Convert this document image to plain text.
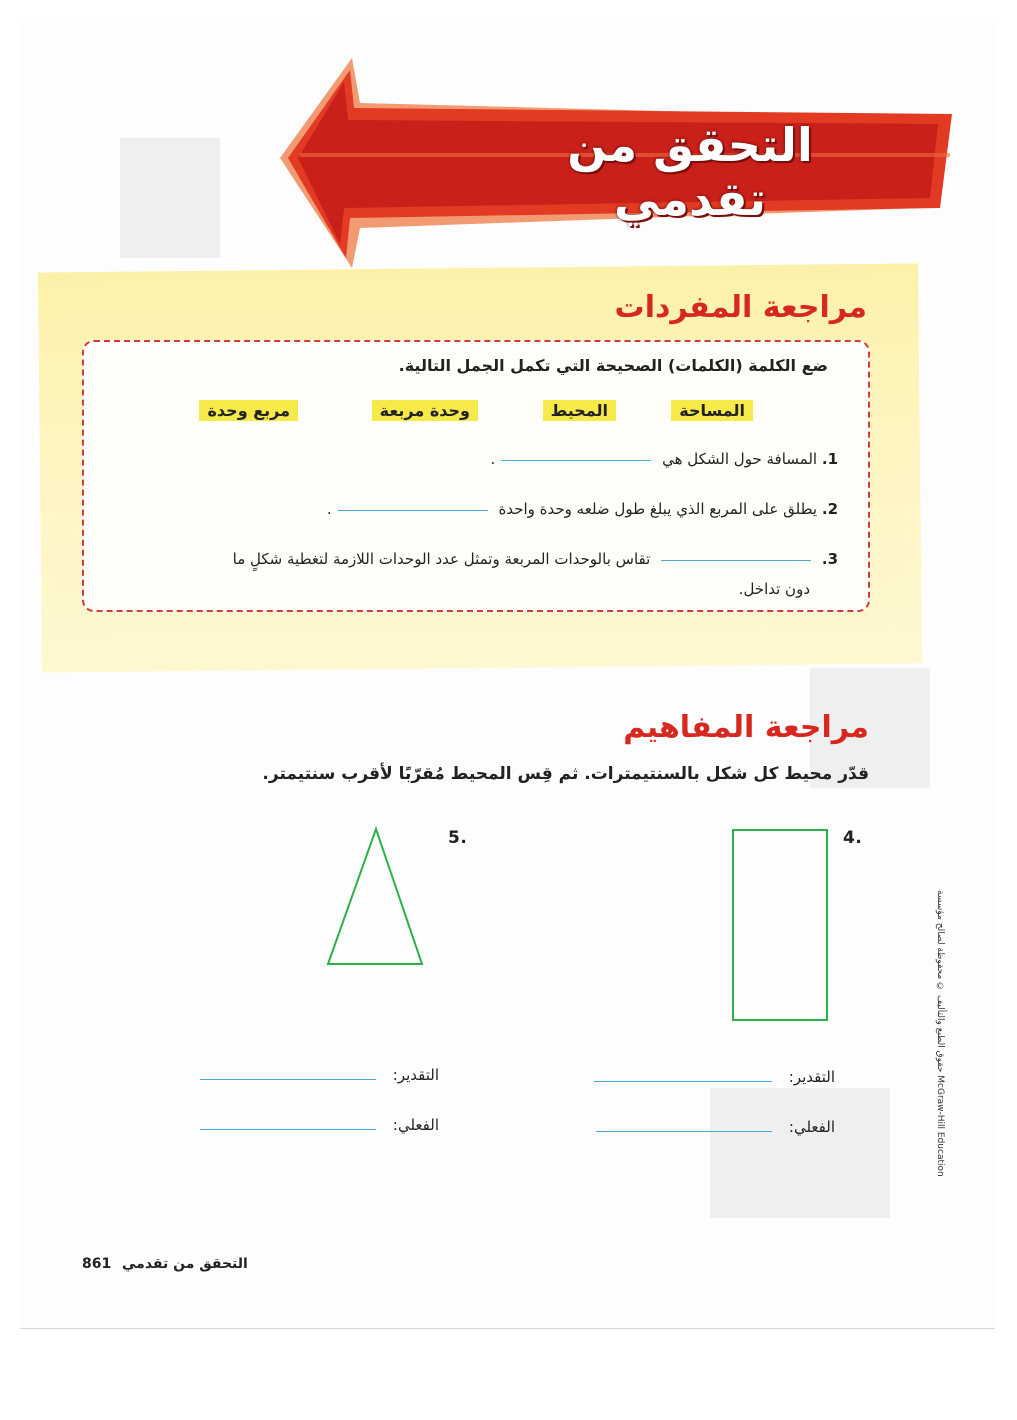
التحقق من تقدمي
مراجعة المفردات
ضع الكلمة (الكلمات) الصحيحة التي تكمل الجمل التالية.
المساحة
المحيط
وحدة مربعة
مربع وحدة
1. المسافة حول الشكل هي .
2. يطلق على المربع الذي يبلغ طول ضلعه وحدة واحدة .
3.  تقاس بالوحدات المربعة وتمثل عدد الوحدات اللازمة لتغطية شكلٍ ما
دون تداخل.
مراجعة المفاهيم
قدّر محيط كل شكل بالسنتيمترات. ثم قِس المحيط مُقرّبًا لأقرب سنتيمتر.
.4
.5
التقدير:
الفعلي:
التقدير:
الفعلي:
حقوق الطبع والتأليف © محفوظة لصالح مؤسسة McGraw-Hill Education
861 التحقق من تقدمي
